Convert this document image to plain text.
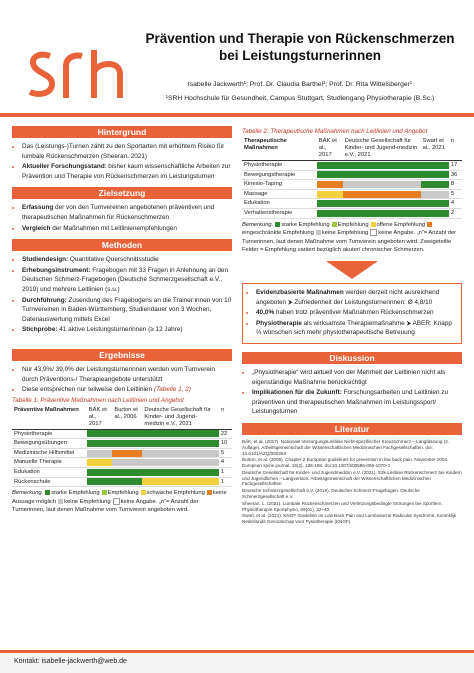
Prävention und Therapie von Rückenschmerzen
bei Leistungsturnerinnen
Isabelle Jackwerth¹; Prof. Dr. Claudia Barthel¹; Prof. Dr. Rita Wittelsberger¹
¹SRH Hochschule für Gesundheit, Campus Stuttgart, Studiengang Physiotherapie (B.Sc.)
Hintergrund
• Das (Leistungs-)Turnen zählt zu den Sportarten mit erhöhtem Risiko für lumbale Rückenschmerzen (Sheeran, 2021)
• Aktueller Forschungsstand: bisher kaum wissenschaftliche Arbeiten zur Prävention und Therapie von Rückenschmerzen im Leistungsturnen
Zielsetzung
• Erfassung der von den Turnvereinen angebotenen präventiven und therapeutischen Maßnahmen für Rückenschmerzen
• Vergleich der Maßnahmen mit Leitlinienempfehlungen
Methoden
• Studiendesign: Quantitative Querschnittsstudie
• Erhebungsinstrument: Fragebogen mit 33 Fragen in Anlehnung an den Deutschen Schmerz-Fragebogen (Deutsche Schmerzgesellschaft e.V., 2019) und mehrere Leitlinien (s.u.)
• Durchführung: Zusendung des Fragebogens an die Trainer:innen von 10 Turnvereinen in Baden-Württemberg, Studiendauer von 3 Wochen, Datenauswertung mittels Excel
• Stichprobe: 41 aktive Leistungsturnerinnen (≥ 12 Jahre)
Ergebnisse
• Nur 43,9%/ 39,0% der Leistungsturnerinnen werden vom Turnverein durch Präventions-/ Therapieangebote unterstützt
• Diese entsprechen nur teilweise den Leitlinien (Tabelle 1, 2)
Tabelle 1: Präventive Maßnahmen nach Leitlinien und Angebot
Präventive Maßnahmen	BÄK et al., 2017	Burton et al., 2006	Deutsche Gesellschaft für Kinder- und Jugend-medizin e.V., 2021	n
Physiotherapie				22
Bewegungsübungen				10
Medizinische Hilfsmittel				5
Manuelle Therapie				4
Edukation				1
Rückenschule				1
Bemerkung. starke Empfehlung Empfehlung schwache Empfehlung keine Aussage möglich keine Empfehlung keine Angabe. „n“= Anzahl der Turnerinnen, laut denen Maßnahme vom Turnverein angeboten wird.
Tabelle 2: Therapeutische Maßnahmen nach Leitlinien und Angebot
Therapeutische Maßnahmen	BÄK et al., 2017	Deutsche Gesellschaft für Kinder- und Jugend-medizin e.V., 2021	Swart et al., 2021	n
Physiotherapie				17
Bewegungstherapie				36
Kinesio-Taping				8
Massage				5
Edukation				4
Verhaltenstherapie				2
Bemerkung. starke Empfehlung Empfehlung offene Empfehlungeingeschränkte Empfehlung keine Empfehlung keine Angabe. „n“= Anzahl der Turnerinnen, laut denen Maßnahme vom Turnverein angeboten wird. Zweigeteilte Felder = Empfehlung variiert bezüglich akuter/ chronischer Schmerzen.
• Evidenzbasierte Maßnahmen werden derzeit nicht ausreichend angeboten ⮞ Zufriedenheit der Leistungsturnerinnen: Ø 4,8/10
• 40,0% haben trotz präventiver Maßnahmen Rückenschmerzen
• Physiotherapie als wirksamste Therapiemaßnahme ⮞ ABER: Knapp ⅔ wünschen sich mehr physiotherapeutische Betreuung
Diskussion
• „Physiotherapie“ wird aktuell von der Mehrheit der Leitlinien nicht als eigenständige Maßnahme berücksichtigt
• Implikationen für die Zukunft: Forschungsarbeiten und Leitlinien zu präventiven und therapeutischen Maßnahmen im Leistungssport/ Leistungsturnen
Literatur
BÄK, et al. (2017). Nationale VersorgungsLeitlinie Nicht-spezifischer Kreuzschmerz – Langfassung (2. Auflage). Arbeitsgemeinschaft der Wissenschaftlichen Medizinischen Fachgesellschaften. doi: 10.6101/AZQ/000353
Burton, et al. (2006). Chapter 2 European guidelines for prevention in low back pain. November 2004. European spine journal, 15(2), 136-168. doi:10.1007/s00586-006-1070-3
Deutsche Gesellschaft für Kinder- und Jugendmedizin e.V. (2021). S2k-Leitlinie Rückenschmerz bei Kindern und Jugendlichen – Langversion. Arbeitsgemeinschaft der Wissenschaftlichen Medizinischen Fachgesellschaften
Deutsche Schmerzgesellschaft e.V. (2019). Deutscher Schmerz-Fragebogen. Deutsche Schmerzgesellschaft e.V.
Sheeran, L. (2021). Lumbale Rückenschmerzen und Verletzungsbedingte Störungen bei Sportlern. Physiotherapie Sportphysio, 09(01), 32–40.
Swart, et al. (2021). KNGF Guideline on Low Back Pain and Lumbosacral Radicular Syndrome. Koninklijk Nederlands Genootschap voor Fysiotherapie (KNGF).
Kontakt: isabelle-jackwerth@web.de
